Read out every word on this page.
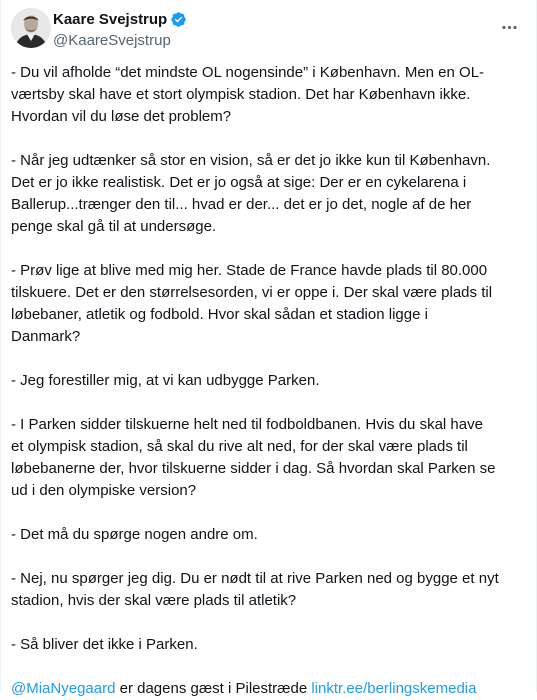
Kaare Svejstrup
@KaareSvejstrup

- Du vil afholde “det mindste OL nogensinde” i København. Men en OL-
værtsby skal have et stort olympisk stadion. Det har København ikke.
Hvordan vil du løse det problem?

- Når jeg udtænker så stor en vision, så er det jo ikke kun til København.
Det er jo ikke realistisk. Det er jo også at sige: Der er en cykelarena i
Ballerup...trænger den til... hvad er der... det er jo det, nogle af de her
penge skal gå til at undersøge.

- Prøv lige at blive med mig her. Stade de France havde plads til 80.000
tilskuere. Det er den størrelsesorden, vi er oppe i. Der skal være plads til
løbebaner, atletik og fodbold. Hvor skal sådan et stadion ligge i
Danmark?

- Jeg forestiller mig, at vi kan udbygge Parken.

- I Parken sidder tilskuerne helt ned til fodboldbanen. Hvis du skal have
et olympisk stadion, så skal du rive alt ned, for der skal være plads til
løbebanerne der, hvor tilskuerne sidder i dag. Så hvordan skal Parken se
ud i den olympiske version?

- Det må du spørge nogen andre om.

- Nej, nu spørger jeg dig. Du er nødt til at rive Parken ned og bygge et nyt
stadion, hvis der skal være plads til atletik?

- Så bliver det ikke i Parken.

@MiaNyegaard er dagens gæst i Pilestræde linktr.ee/berlingskemedia
